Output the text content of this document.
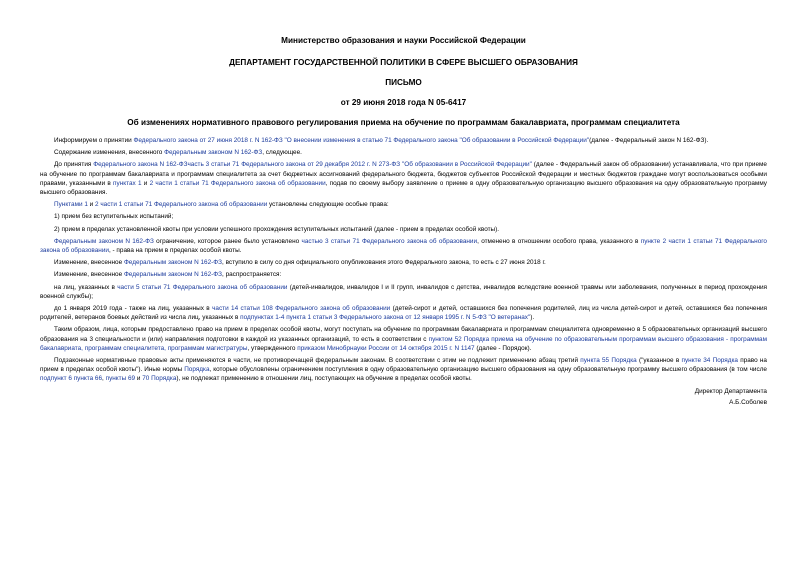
Министерство образования и науки Российской Федерации
ДЕПАРТАМЕНТ ГОСУДАРСТВЕННОЙ ПОЛИТИКИ В СФЕРЕ ВЫСШЕГО ОБРАЗОВАНИЯ
ПИСЬМО
от 29 июня 2018 года N 05-6417
Об изменениях нормативного правового регулирования приема на обучение по программам бакалавриата, программам специалитета

Информируем о принятии Федерального закона от 27 июня 2018 г. N 162-ФЗ "О внесении изменения в статью 71 Федерального закона "Об образовании в Российской Федерации"(далее - Федеральный закон N 162-ФЗ).

Содержание изменения, внесенного Федеральным законом N 162-ФЗ, следующее.

До принятия Федерального закона N 162-ФЗчасть 3 статьи 71 Федерального закона от 29 декабря 2012 г. N 273-ФЗ "Об образовании в Российской Федерации" (далее - Федеральный закон об образовании) устанавливала, что при приеме на обучение по программам бакалавриата и программам специалитета за счет бюджетных ассигнований федерального бюджета, бюджетов субъектов Российской Федерации и местных бюджетов граждане могут воспользоваться особыми правами, указанными в пунктах 1 и 2 части 1 статьи 71 Федерального закона об образовании, подав по своему выбору заявление о приеме в одну образовательную организацию высшего образования на одну образовательную программу высшего образования.

Пунктами 1 и 2 части 1 статьи 71 Федерального закона об образовании установлены следующие особые права:

1) прием без вступительных испытаний;

2) прием в пределах установленной квоты при условии успешного прохождения вступительных испытаний (далее - прием в пределах особой квоты).

Федеральным законом N 162-ФЗ ограничение, которое ранее было установлено частью 3 статьи 71 Федерального закона об образовании, отменено в отношении особого права, указанного в пункте 2 части 1 статьи 71 Федерального закона об образовании, - права на прием в пределах особой квоты.

Изменение, внесенное Федеральным законом N 162-ФЗ, вступило в силу со дня официального опубликования этого Федерального закона, то есть с 27 июня 2018 г.

Изменение, внесенное Федеральным законом N 162-ФЗ, распространяется:

на лиц, указанных в части 5 статьи 71 Федерального закона об образовании (детей-инвалидов, инвалидов I и II групп, инвалидов с детства, инвалидов вследствие военной травмы или заболевания, полученных в период прохождения военной службы);

до 1 января 2019 года - также на лиц, указанных в части 14 статьи 108 Федерального закона об образовании (детей-сирот и детей, оставшихся без попечения родителей, лиц из числа детей-сирот и детей, оставшихся без попечения родителей, ветеранов боевых действий из числа лиц, указанных в подпунктах 1-4 пункта 1 статьи 3 Федерального закона от 12 января 1995 г. N 5-ФЗ "О ветеранах").

Таким образом, лица, которым предоставлено право на прием в пределах особой квоты, могут поступать на обучение по программам бакалавриата и программам специалитета одновременно в 5 образовательных организаций высшего образования на 3 специальности и (или) направления подготовки в каждой из указанных организаций, то есть в соответствии с пунктом 52 Порядка приема на обучение по образовательным программам высшего образования - программам бакалавриата, программам специалитета, программам магистратуры, утвержденного приказом Минобрнауки России от 14 октября 2015 г. N 1147 (далее - Порядок).

Подзаконные нормативные правовые акты применяются в части, не противоречащей федеральным законам. В соответствии с этим не подлежит применению абзац третий пункта 55 Порядка ("указанное в пункте 34 Порядка право на прием в пределах особой квоты"). Иные нормы Порядка, которые обусловлены ограничением поступления в одну образовательную организацию высшего образования на одну образовательную программу высшего образования (в том числе подпункт 6 пункта 66, пункты 69 и 70 Порядка), не подлежат применению в отношении лиц, поступающих на обучение в пределах особой квоты.

Директор Департамента

А.Б.Соболев
